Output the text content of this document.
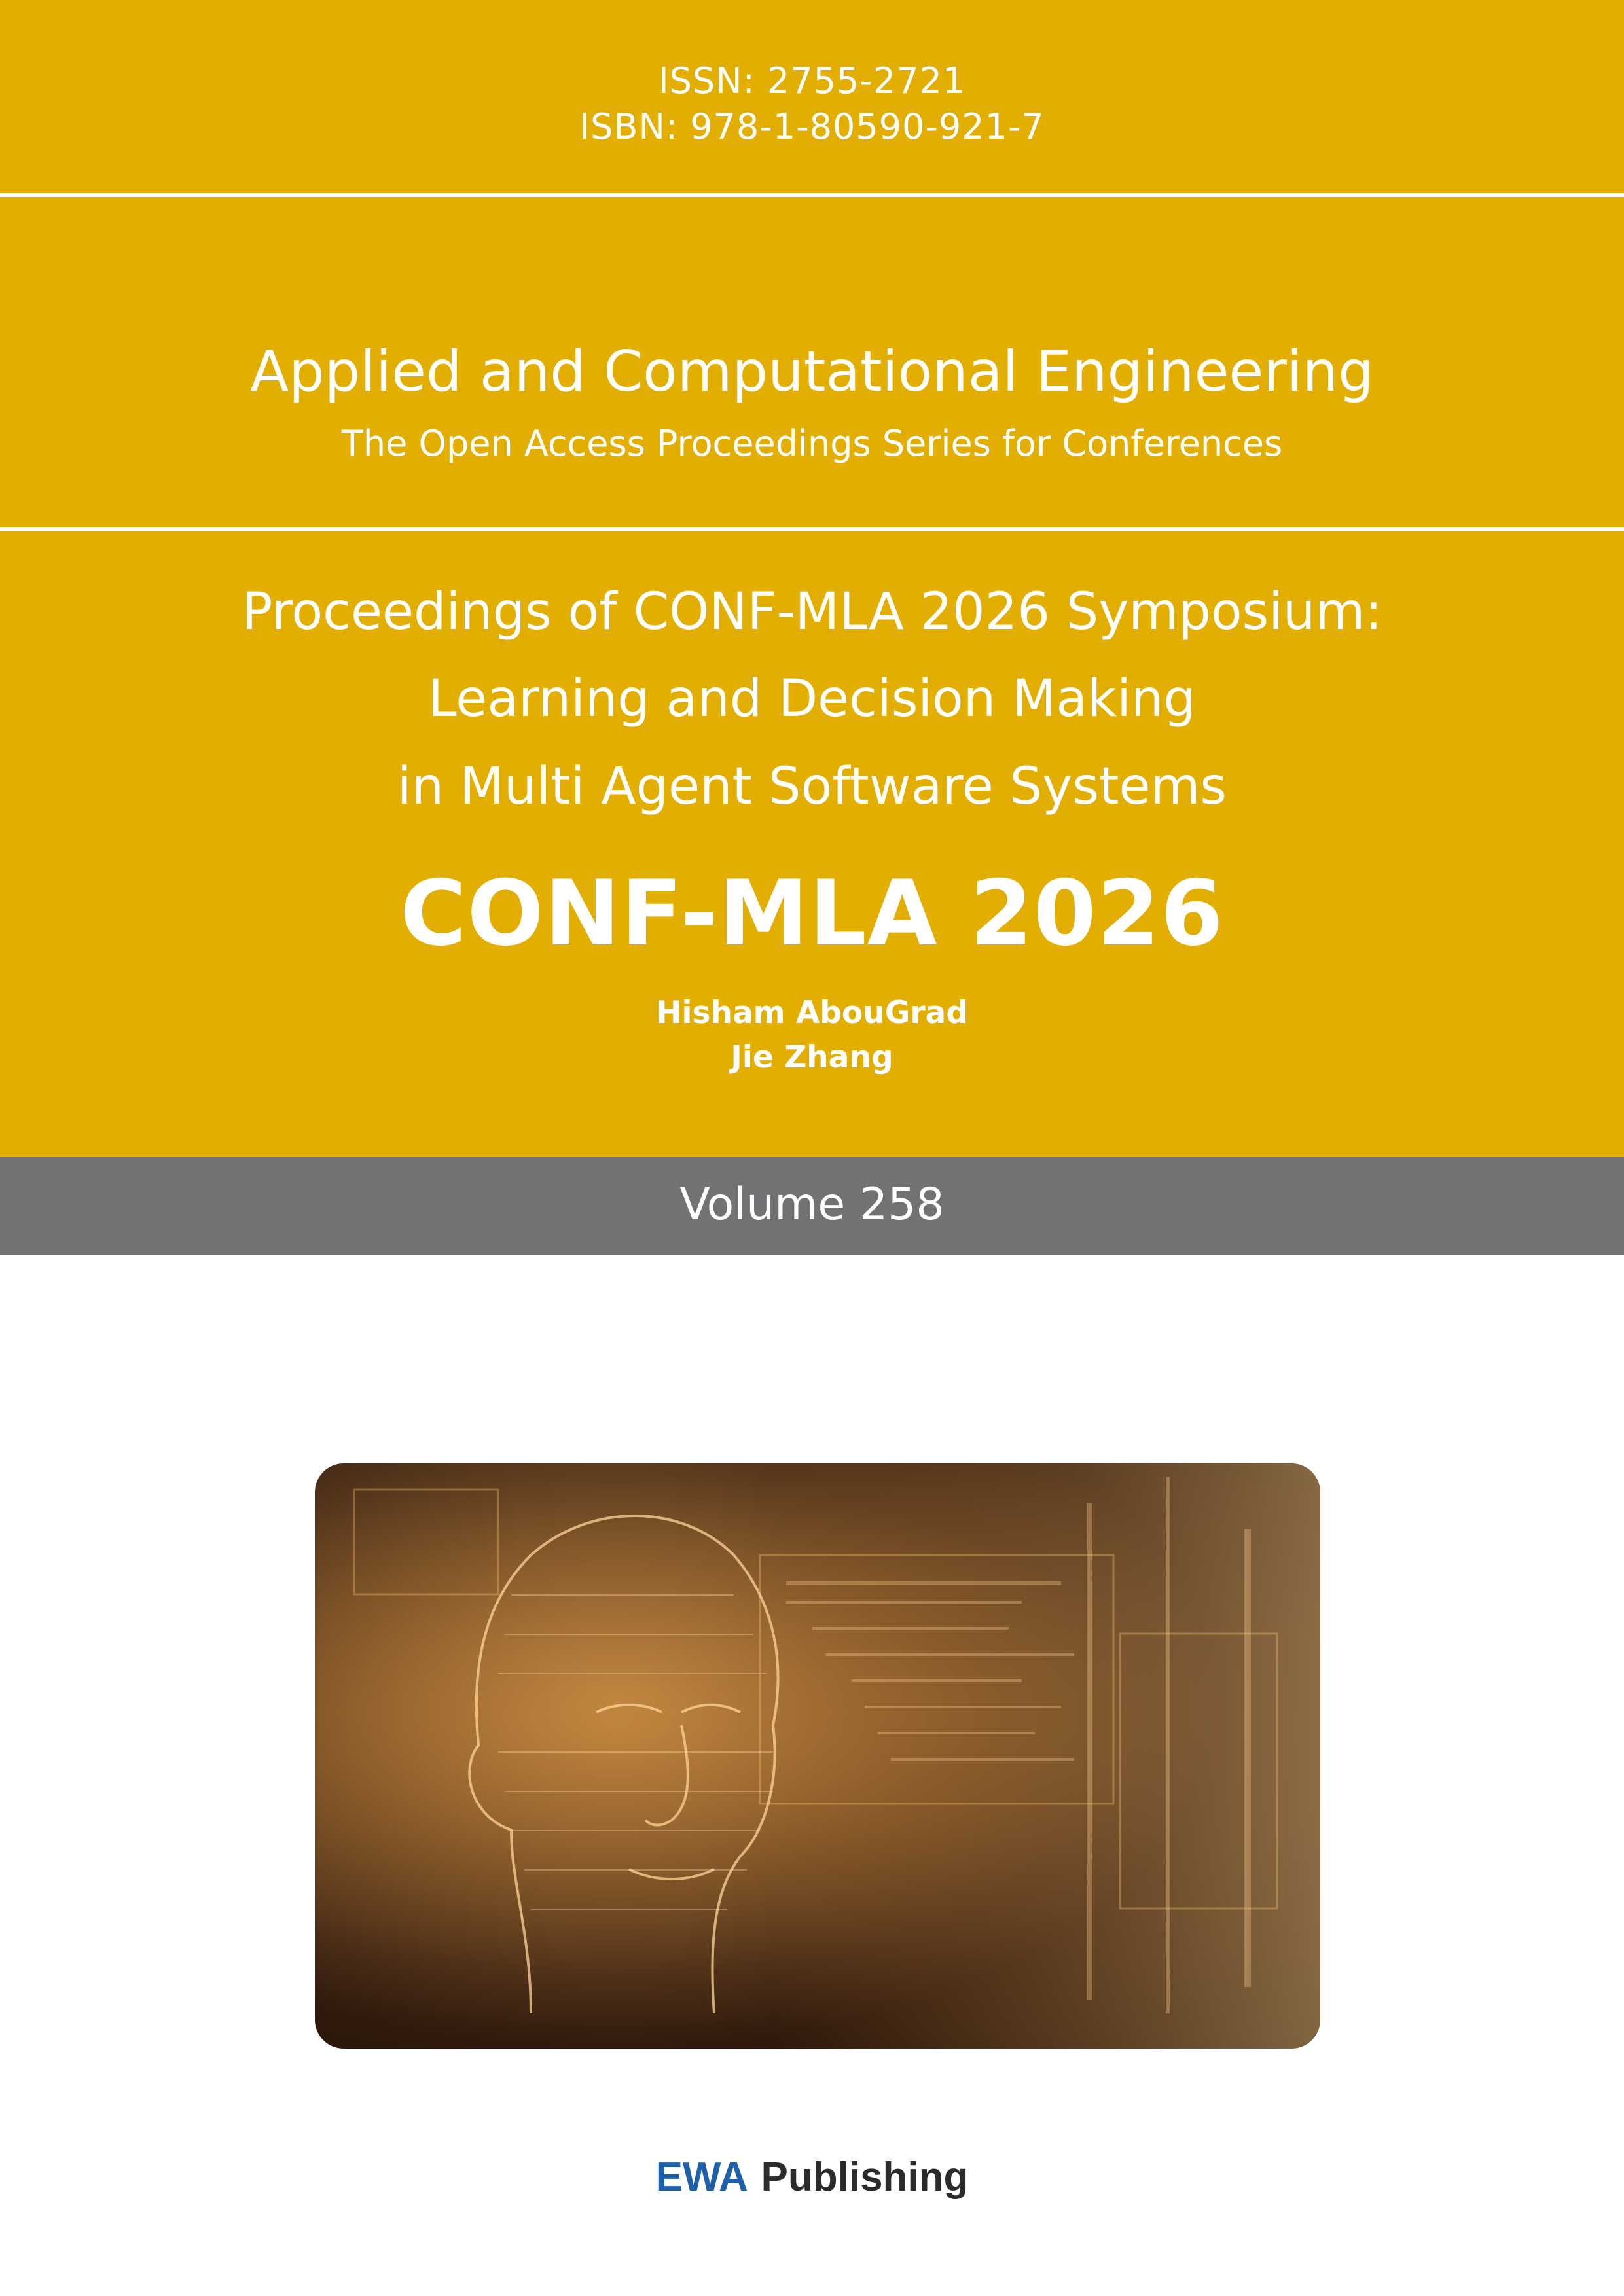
ISSN: 2755-2721
ISBN: 978-1-80590-921-7
Applied and Computational Engineering
The Open Access Proceedings Series for Conferences
Proceedings of CONF-MLA 2026 Symposium:
Learning and Decision Making
in Multi Agent Software Systems
CONF-MLA 2026
Hisham AbouGrad
Jie Zhang
Volume 258
EWA Publishing
